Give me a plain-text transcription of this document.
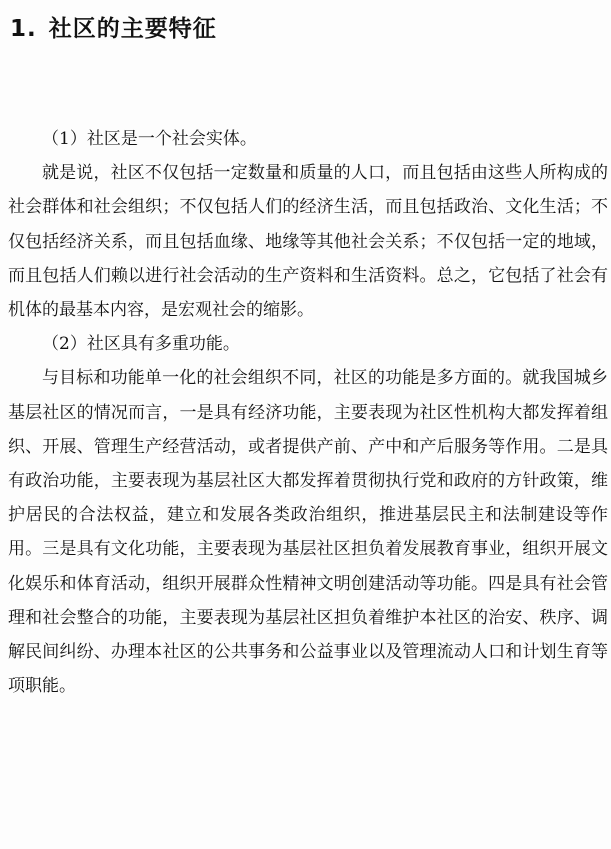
1. 社区的主要特征

（1）社区是一个社会实体。

就是说，社区不仅包括一定数量和质量的人口，而且包括由这些人所构成的社会群体和社会组织；不仅包括人们的经济生活，而且包括政治、文化生活；不仅包括经济关系，而且包括血缘、地缘等其他社会关系；不仅包括一定的地域，而且包括人们赖以进行社会活动的生产资料和生活资料。总之，它包括了社会有机体的最基本内容，是宏观社会的缩影。

（2）社区具有多重功能。

与目标和功能单一化的社会组织不同，社区的功能是多方面的。就我国城乡基层社区的情况而言，一是具有经济功能，主要表现为社区性机构大都发挥着组织、开展、管理生产经营活动，或者提供产前、产中和产后服务等作用。二是具有政治功能，主要表现为基层社区大都发挥着贯彻执行党和政府的方针政策，维护居民的合法权益，建立和发展各类政治组织，推进基层民主和法制建设等作用。三是具有文化功能，主要表现为基层社区担负着发展教育事业，组织开展文化娱乐和体育活动，组织开展群众性精神文明创建活动等功能。四是具有社会管理和社会整合的功能，主要表现为基层社区担负着维护本社区的治安、秩序、调解民间纠纷、办理本社区的公共事务和公益事业以及管理流动人口和计划生育等项职能。
